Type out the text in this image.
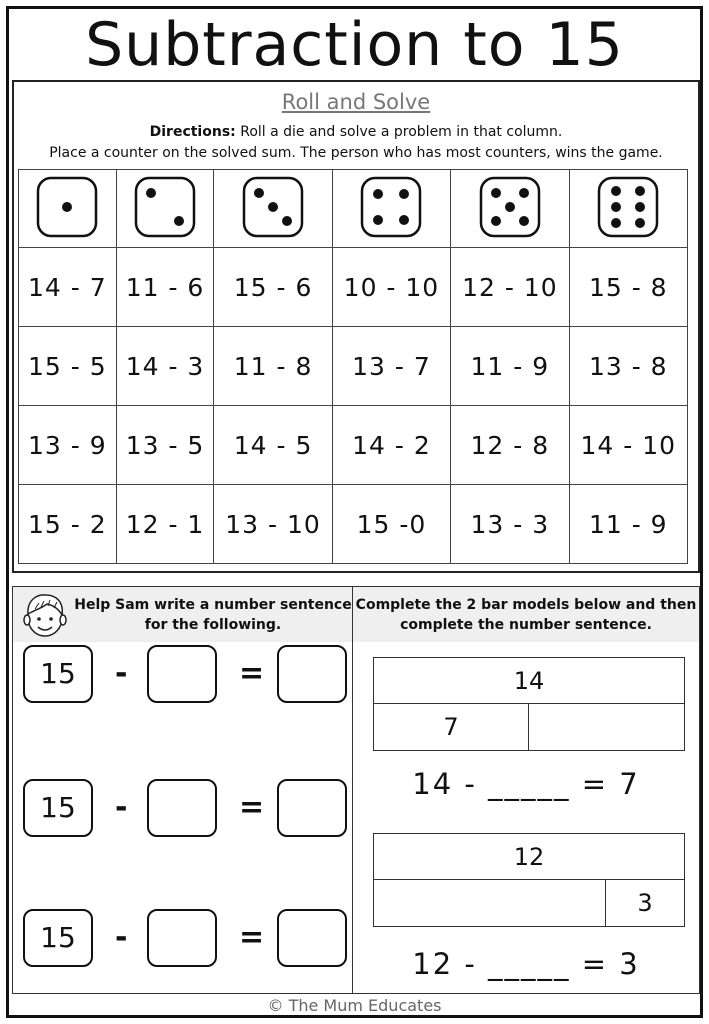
Subtraction to 15
Roll and Solve
Directions: Roll a die and solve a problem in that column.
Place a counter on the solved sum. The person who has most counters, wins the game.

14 - 7	11 - 6	15 - 6	10 - 10	12 - 10	15 - 8
15 - 5	14 - 3	11 - 8	13 - 7	11 - 9	13 - 8
13 - 9	13 - 5	14 - 5	14 - 2	12 - 8	14 - 10
15 - 2	12 - 1	13 - 10	15 -0	13 - 3	11 - 9
Help Sam write a number sentence
for the following.
15	-	=
15	-	=
15	-	=
Complete the 2 bar models below and then
complete the number sentence.
14
7
14 - _____ = 7
12
3
12 - _____ = 3
© The Mum Educates
